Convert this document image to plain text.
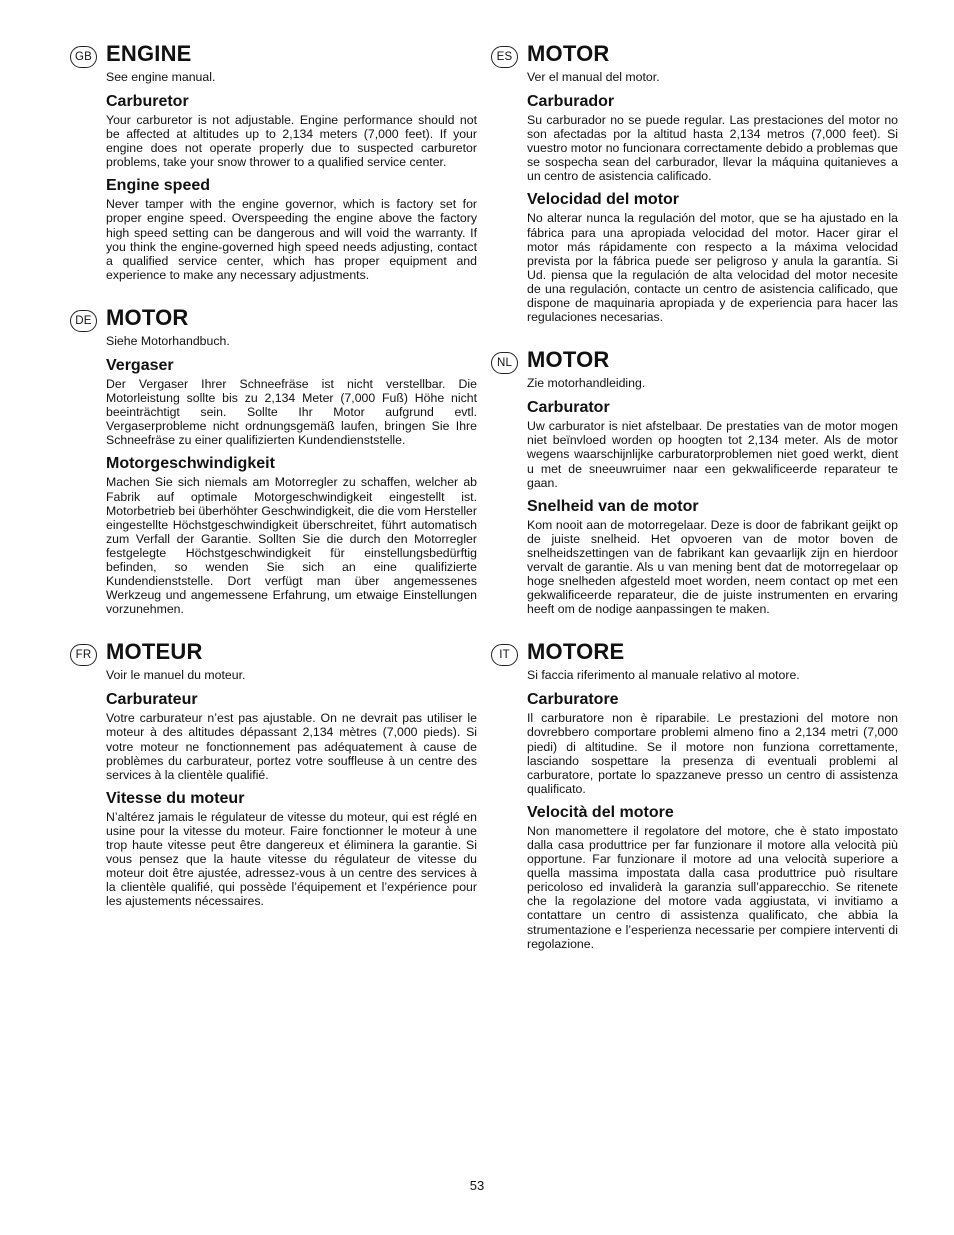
GB ENGINE

See engine manual.

Carburetor

Your carburetor is not adjustable. Engine performance should not be affected at altitudes up to 2,134 meters (7,000 feet). If your engine does not operate properly due to suspected carburetor problems, take your snow thrower to a qualified service center.

Engine speed

Never tamper with the engine governor, which is factory set for proper engine speed. Overspeeding the engine above the factory high speed setting can be dangerous and will void the warranty. If you think the engine-governed high speed needs adjusting, contact a qualified service center, which has proper equipment and experience to make any necessary adjustments.

DE MOTOR

Siehe Motorhandbuch.

Vergaser

Der Vergaser Ihrer Schneefräse ist nicht verstellbar. Die Motorleistung sollte bis zu 2,134 Meter (7,000 Fuß) Höhe nicht beeinträchtigt sein. Sollte Ihr Motor aufgrund evtl. Vergaserprobleme nicht ordnungsgemäß laufen, bringen Sie Ihre Schneefräse zu einer qualifizierten Kundendienststelle.

Motorgeschwindigkeit

Machen Sie sich niemals am Motorregler zu schaffen, welcher ab Fabrik auf optimale Motorgeschwindigkeit eingestellt ist. Motorbetrieb bei überhöhter Geschwindigkeit, die die vom Hersteller eingestellte Höchstgeschwindigkeit überschreitet, führt automatisch zum Verfall der Garantie. Sollten Sie die durch den Motorregler festgelegte Höchstgeschwindigkeit für einstellungsbedürftig befinden, so wenden Sie sich an eine qualifizierte Kundendienststelle. Dort verfügt man über angemessenes Werkzeug und angemessene Erfahrung, um etwaige Einstellungen vorzunehmen.

FR MOTEUR

Voir le manuel du moteur.

Carburateur

Votre carburateur n’est pas ajustable. On ne devrait pas utiliser le moteur à des altitudes dépassant 2,134 mètres (7,000 pieds). Si votre moteur ne fonctionnement pas adéquatement à cause de problèmes du carburateur, portez votre souffleuse à un centre des services à la clientèle qualifié.

Vitesse du moteur

N’altérez jamais le régulateur de vitesse du moteur, qui est réglé en usine pour la vitesse du moteur. Faire fonctionner le moteur à une trop haute vitesse peut être dangereux et éliminera la garantie. Si vous pensez que la haute vitesse du régulateur de vitesse du moteur doit être ajustée, adressez-vous à un centre des services à la clientèle qualifié, qui possède l’équipement et l’expérience pour les ajustements nécessaires.

ES MOTOR

Ver el manual del motor.

Carburador

Su carburador no se puede regular. Las prestaciones del motor no son afectadas por la altitud hasta 2,134 metros (7,000 feet). Si vuestro motor no funcionara correctamente debido a problemas que se sospecha sean del carburador, llevar la máquina quitanieves a un centro de asistencia calificado.

Velocidad del motor

No alterar nunca la regulación del motor, que se ha ajustado en la fábrica para una apropiada velocidad del motor. Hacer girar el motor más rápidamente con respecto a la máxima velocidad prevista por la fábrica puede ser peligroso y anula la garantía. Si Ud. piensa que la regulación de alta velocidad del motor necesite de una regulación, contacte un centro de asistencia calificado, que dispone de maquinaria apropiada y de experiencia para hacer las regulaciones necesarias.

NL MOTOR

Zie motorhandleiding.

Carburator

Uw carburator is niet afstelbaar. De prestaties van de motor mogen niet beïnvloed worden op hoogten tot 2,134 meter. Als de motor wegens waarschijnlijke carburatorproblemen niet goed werkt, dient u met de sneeuwruimer naar een gekwalificeerde reparateur te gaan.

Snelheid van de motor

Kom nooit aan de motorregelaar. Deze is door de fabrikant geijkt op de juiste snelheid. Het opvoeren van de motor boven de snelheidszettingen van de fabrikant kan gevaarlijk zijn en hierdoor vervalt de garantie. Als u van mening bent dat de motorregelaar op hoge snelheden afgesteld moet worden, neem contact op met een gekwalificeerde reparateur, die de juiste instrumenten en ervaring heeft om de nodige aanpassingen te maken.

IT MOTORE

Si faccia riferimento al manuale relativo al motore.

Carburatore

Il carburatore non è riparabile. Le prestazioni del motore non dovrebbero comportare problemi almeno fino a 2,134 metri (7,000 piedi) di altitudine. Se il motore non funziona correttamente, lasciando sospettare la presenza di eventuali problemi al carburatore, portate lo spazzaneve presso un centro di assistenza qualificato.

Velocità del motore

Non manomettere il regolatore del motore, che è stato impostato dalla casa produttrice per far funzionare il motore alla velocità più opportune. Far funzionare il motore ad una velocità superiore a quella massima impostata dalla casa produttrice può risultare pericoloso ed invaliderà la garanzia sull’apparecchio. Se ritenete che la regolazione del motore vada aggiustata, vi invitiamo a contattare un centro di assistenza qualificato, che abbia la strumentazione e l’esperienza necessarie per compiere interventi di regolazione.

53
